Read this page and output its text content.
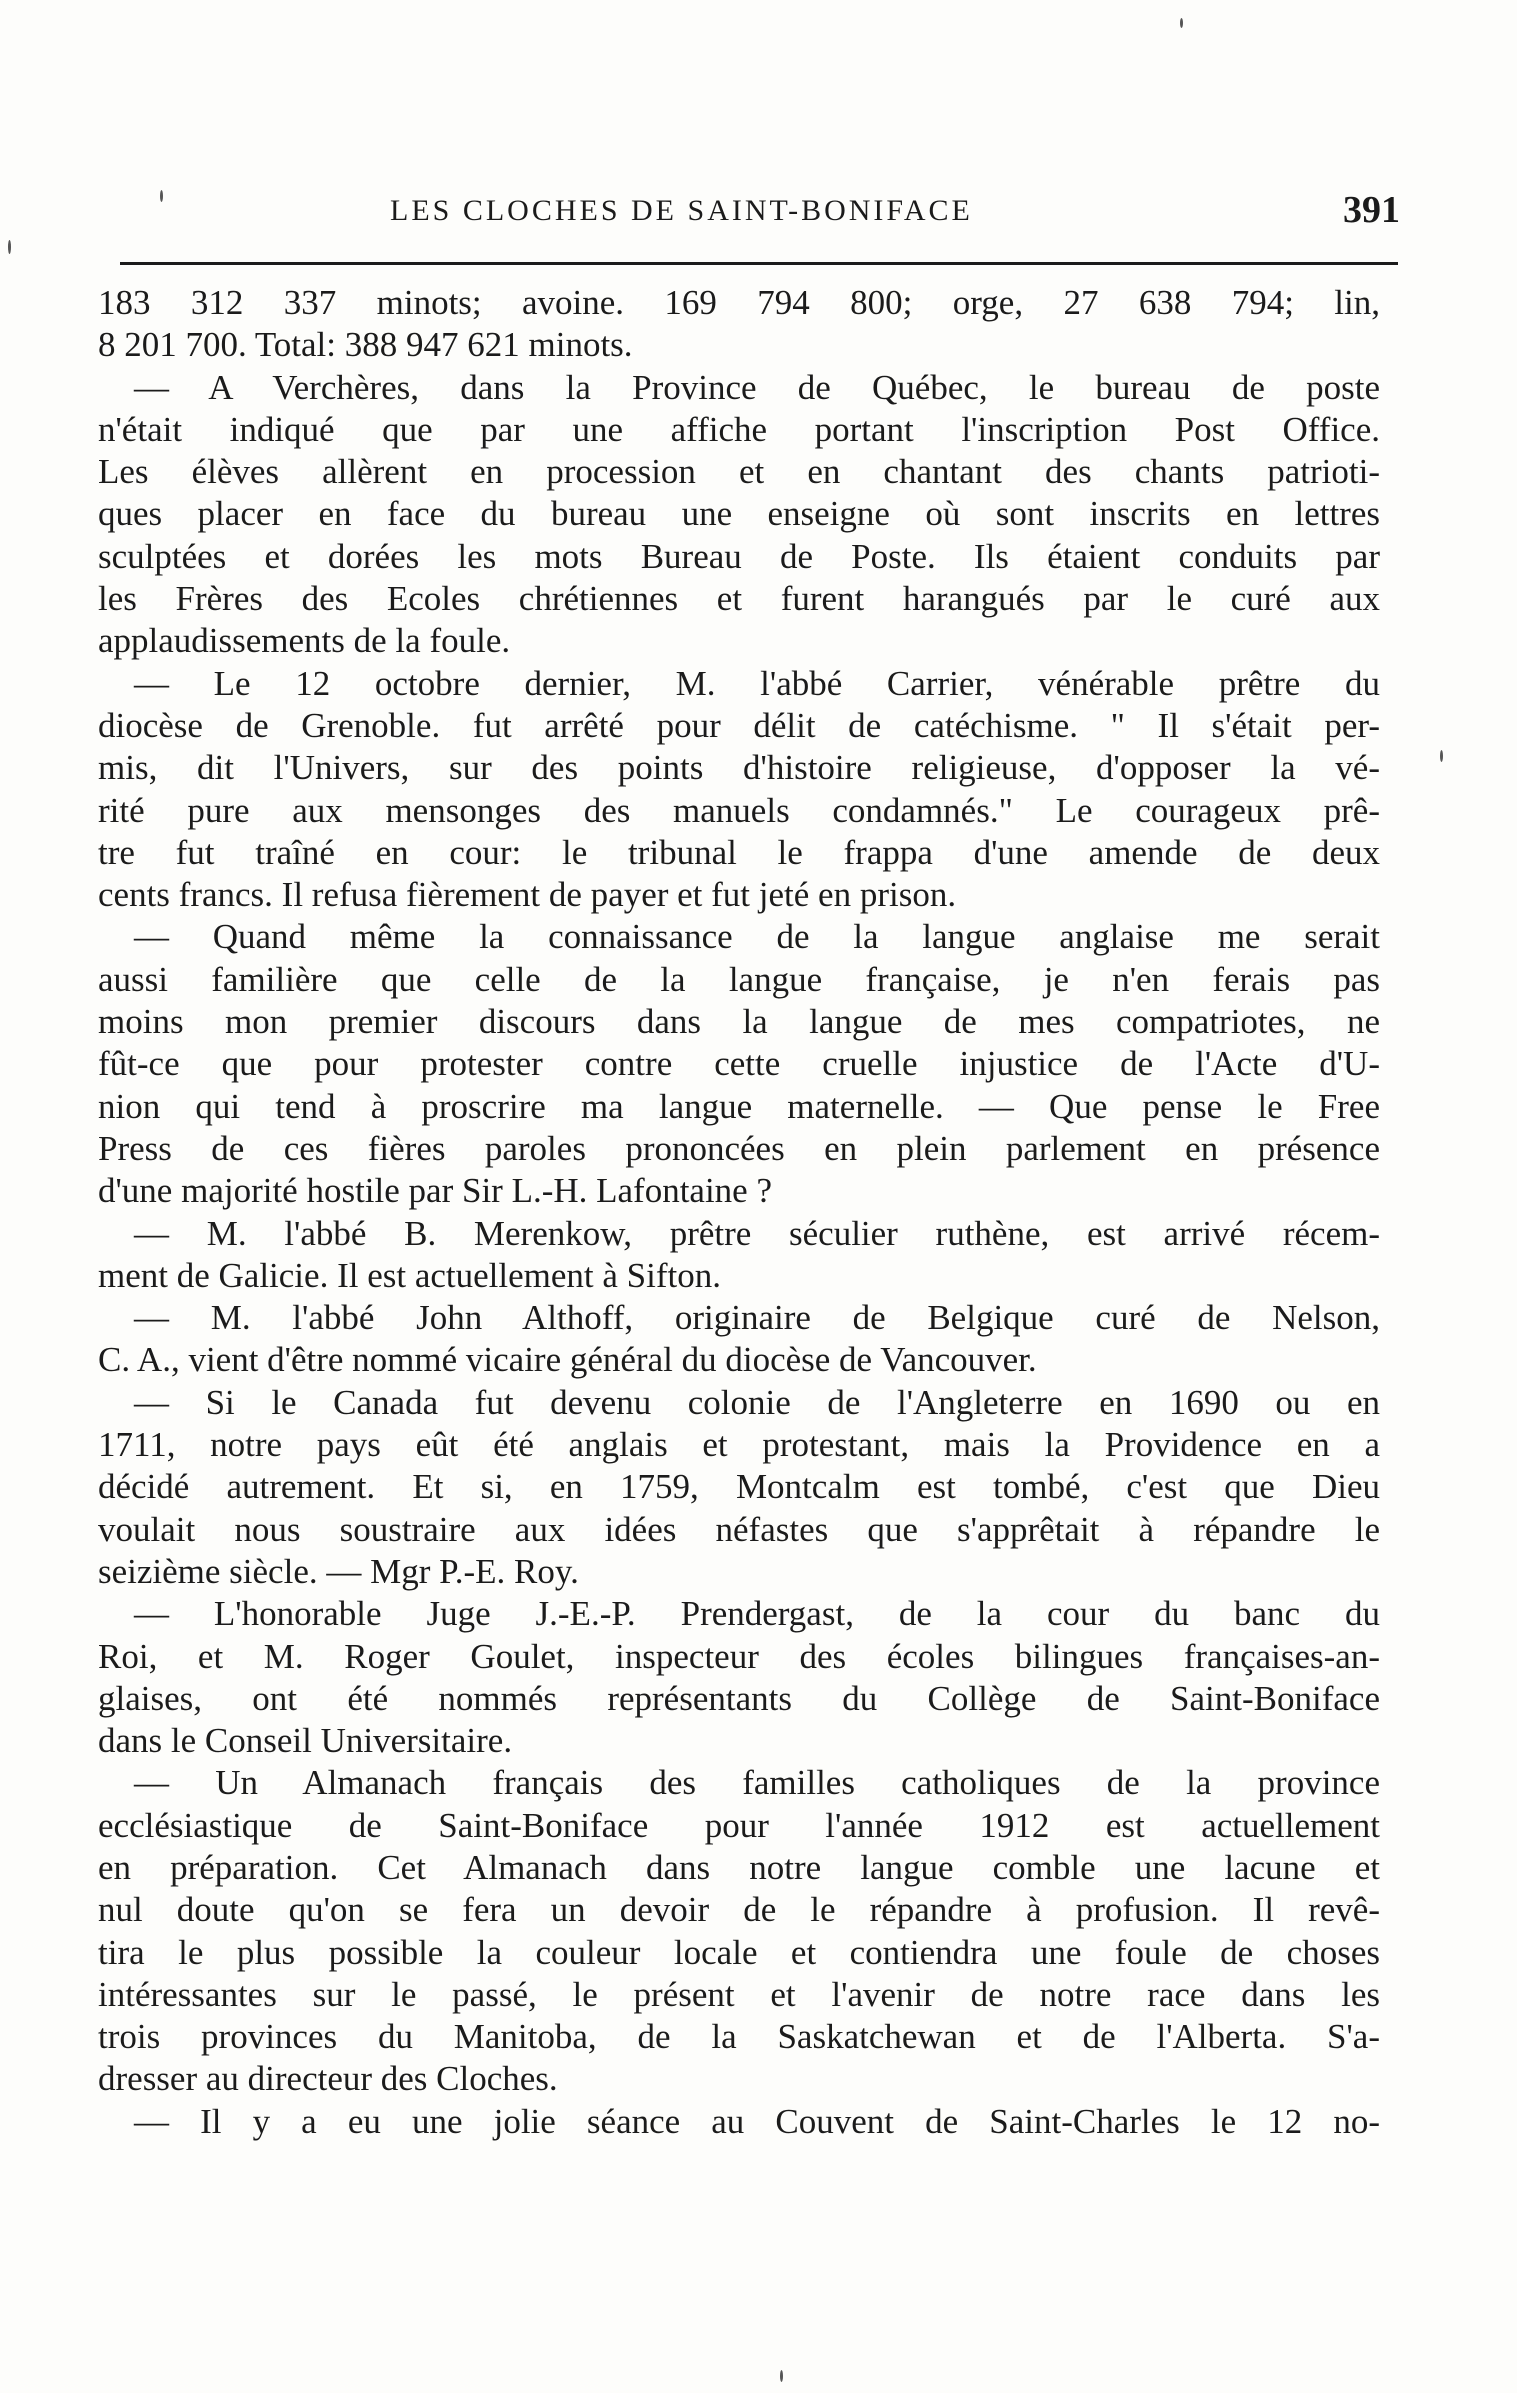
LES CLOCHES DE SAINT-BONIFACE	391
183 312 337 minots; avoine. 169 794 800; orge, 27 638 794; lin,
8 201 700. Total: 388 947 621 minots.
— A Verchères, dans la Province de Québec, le bureau de poste
n'était indiqué que par une affiche portant l'inscription Post Office.
Les élèves allèrent en procession et en chantant des chants patrioti-
ques placer en face du bureau une enseigne où sont inscrits en lettres
sculptées et dorées les mots Bureau de Poste. Ils étaient conduits par
les Frères des Ecoles chrétiennes et furent harangués par le curé aux
applaudissements de la foule.
— Le 12 octobre dernier, M. l'abbé Carrier, vénérable prêtre du
diocèse de Grenoble. fut arrêté pour délit de catéchisme. " Il s'était per-
mis, dit l'Univers, sur des points d'histoire religieuse, d'opposer la vé-
rité pure aux mensonges des manuels condamnés." Le courageux prê-
tre fut traîné en cour: le tribunal le frappa d'une amende de deux
cents francs. Il refusa fièrement de payer et fut jeté en prison.
— Quand même la connaissance de la langue anglaise me serait
aussi familière que celle de la langue française, je n'en ferais pas
moins mon premier discours dans la langue de mes compatriotes, ne
fût-ce que pour protester contre cette cruelle injustice de l'Acte d'U-
nion qui tend à proscrire ma langue maternelle. — Que pense le Free
Press de ces fières paroles prononcées en plein parlement en présence
d'une majorité hostile par Sir L.-H. Lafontaine ?
— M. l'abbé B. Merenkow, prêtre séculier ruthène, est arrivé récem-
ment de Galicie. Il est actuellement à Sifton.
— M. l'abbé John Althoff, originaire de Belgique curé de Nelson,
C. A., vient d'être nommé vicaire général du diocèse de Vancouver.
— Si le Canada fut devenu colonie de l'Angleterre en 1690 ou en
1711, notre pays eût été anglais et protestant, mais la Providence en a
décidé autrement. Et si, en 1759, Montcalm est tombé, c'est que Dieu
voulait nous soustraire aux idées néfastes que s'apprêtait à répandre le
seizième siècle. — Mgr P.-E. Roy.
— L'honorable Juge J.-E.-P. Prendergast, de la cour du banc du
Roi, et M. Roger Goulet, inspecteur des écoles bilingues françaises-an-
glaises, ont été nommés représentants du Collège de Saint-Boniface
dans le Conseil Universitaire.
— Un Almanach français des familles catholiques de la province
ecclésiastique de Saint-Boniface pour l'année 1912 est actuellement
en préparation. Cet Almanach dans notre langue comble une lacune et
nul doute qu'on se fera un devoir de le répandre à profusion. Il revê-
tira le plus possible la couleur locale et contiendra une foule de choses
intéressantes sur le passé, le présent et l'avenir de notre race dans les
trois provinces du Manitoba, de la Saskatchewan et de l'Alberta. S'a-
dresser au directeur des Cloches.
— Il y a eu une jolie séance au Couvent de Saint-Charles le 12 no-
